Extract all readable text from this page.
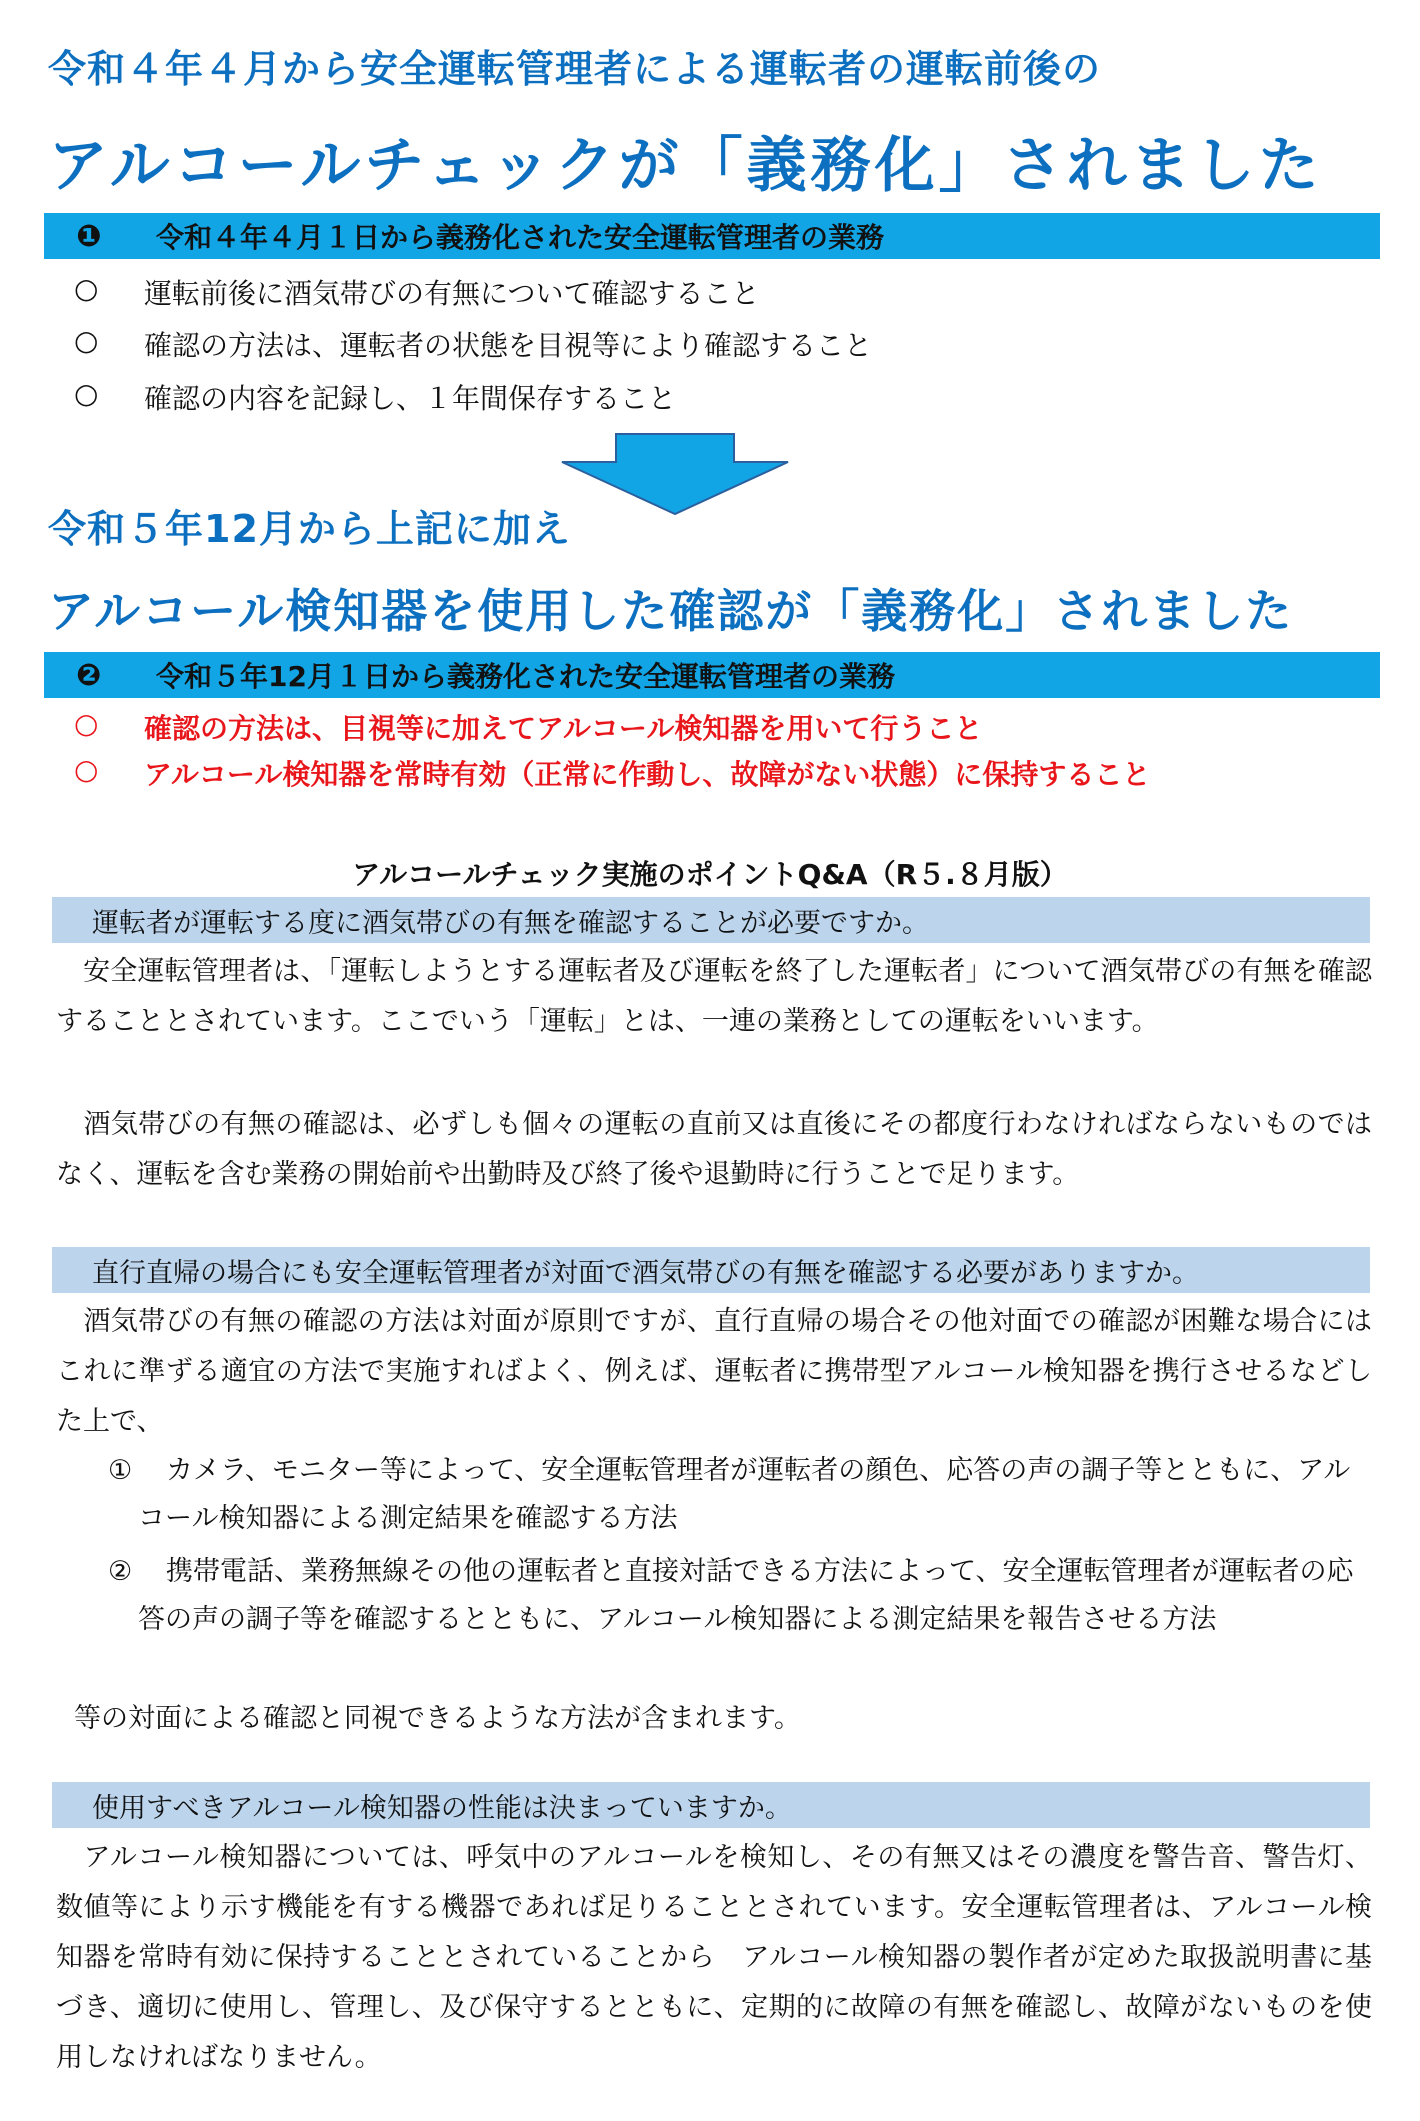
令和４年４月から安全運転管理者による運転者の運転前後の
アルコールチェックが「義務化」されました
❶	令和４年４月１日から義務化された安全運転管理者の業務
○	運転前後に酒気帯びの有無について確認すること
○	確認の方法は、運転者の状態を目視等により確認すること
○	確認の内容を記録し、１年間保存すること
令和５年12月から上記に加え
アルコール検知器を使用した確認が「義務化」されました
❷	令和５年12月１日から義務化された安全運転管理者の業務
○	確認の方法は、目視等に加えてアルコール検知器を用いて行うこと
○	アルコール検知器を常時有効（正常に作動し、故障がない状態）に保持すること
アルコールチェック実施のポイントQ&A（R５.８月版）
運転者が運転する度に酒気帯びの有無を確認することが必要ですか。
安全運転管理者は、「運転しようとする運転者及び運転を終了した運転者」について酒気帯びの有無を確認することとされています。ここでいう「運転」とは、一連の業務としての運転をいいます。
酒気帯びの有無の確認は、必ずしも個々の運転の直前又は直後にその都度行わなければならないものではなく、運転を含む業務の開始前や出勤時及び終了後や退勤時に行うことで足ります。
直行直帰の場合にも安全運転管理者が対面で酒気帯びの有無を確認する必要がありますか。
酒気帯びの有無の確認の方法は対面が原則ですが、直行直帰の場合その他対面での確認が困難な場合にはこれに準ずる適宜の方法で実施すればよく、例えば、運転者に携帯型アルコール検知器を携行させるなどした上で、
① カメラ、モニター等によって、安全運転管理者が運転者の顔色、応答の声の調子等とともに、アルコール検知器による測定結果を確認する方法
② 携帯電話、業務無線その他の運転者と直接対話できる方法によって、安全運転管理者が運転者の応答の声の調子等を確認するとともに、アルコール検知器による測定結果を報告させる方法
等の対面による確認と同視できるような方法が含まれます。
使用すべきアルコール検知器の性能は決まっていますか。
アルコール検知器については、呼気中のアルコールを検知し、その有無又はその濃度を警告音、警告灯、数値等により示す機能を有する機器であれば足りることとされています。安全運転管理者は、アルコール検知器を常時有効に保持することとされていることから　アルコール検知器の製作者が定めた取扱説明書に基づき、適切に使用し、管理し、及び保守するとともに、定期的に故障の有無を確認し、故障がないものを使用しなければなりません。
